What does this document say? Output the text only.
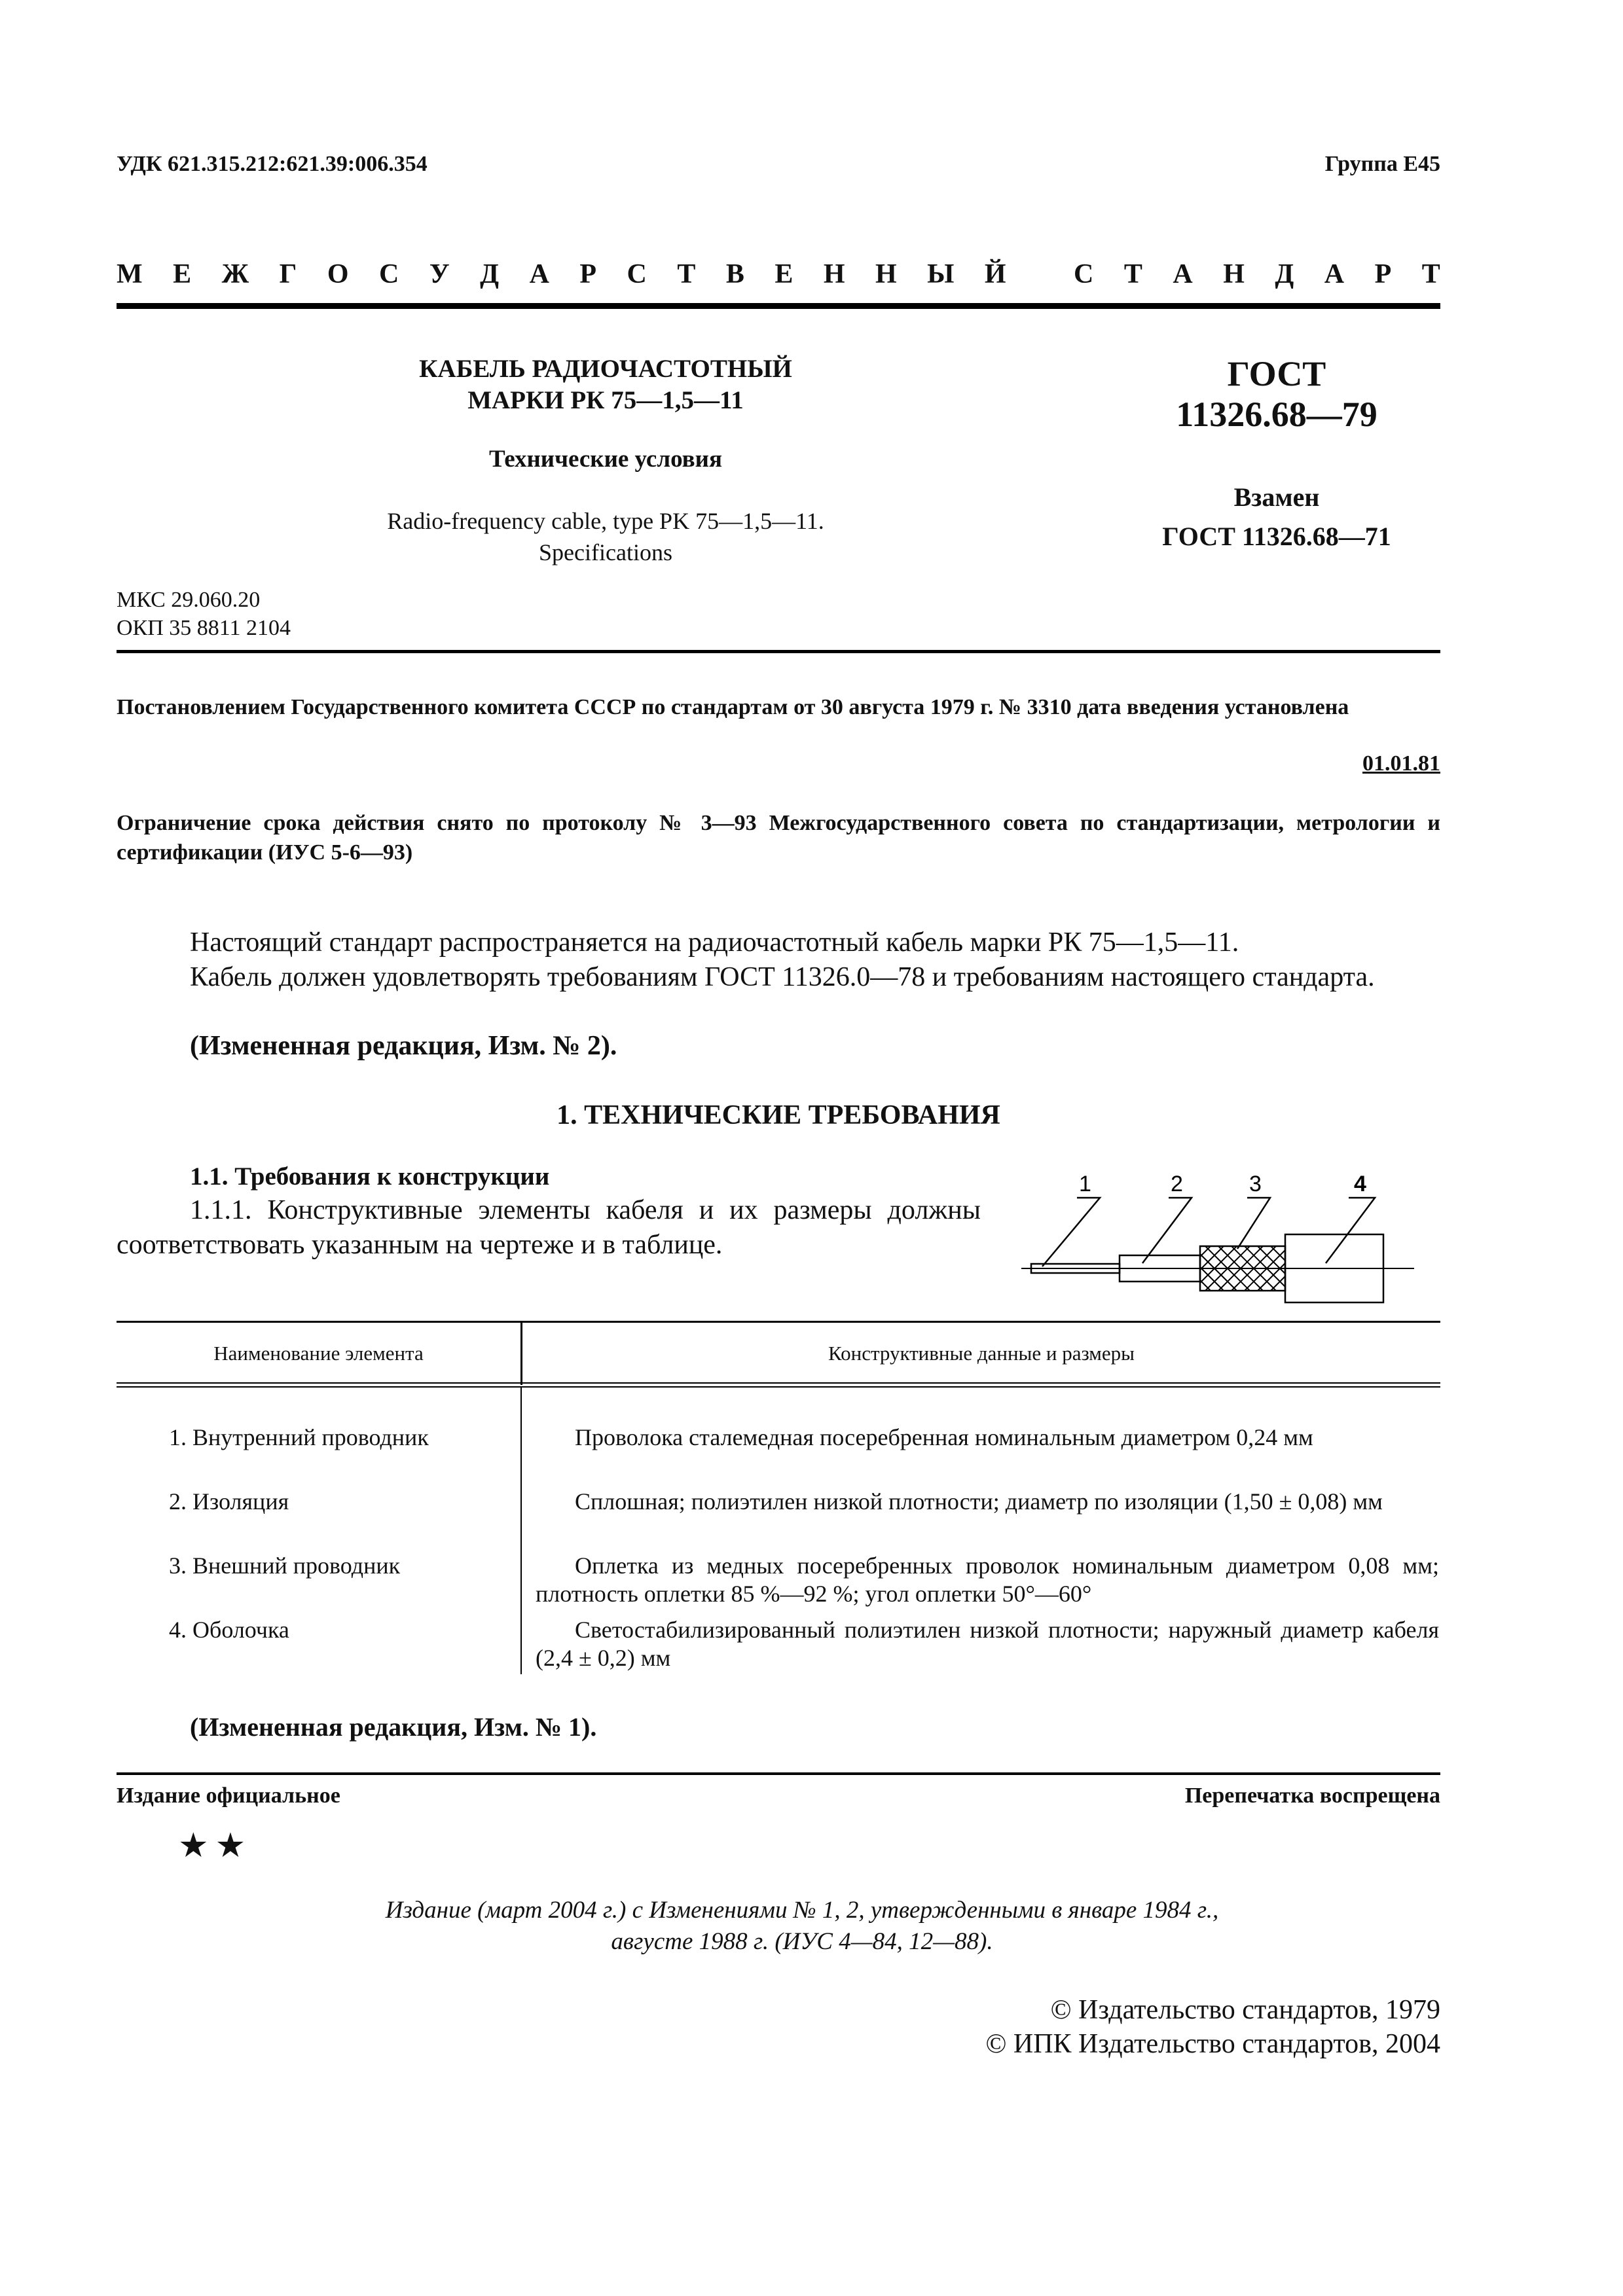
УДК 621.315.212:621.39:006.354	Группа Е45
М Е Ж Г О С У Д А Р С Т В Е Н Н Ы Й
С Т А Н Д А Р Т
КАБЕЛЬ РАДИОЧАСТОТНЫЙ
МАРКИ РК 75—1,5—11
Технические условия
Radio-frequency cable, type PK 75—1,5—11.
Specifications
ГОСТ
11326.68—79
Взамен
ГОСТ 11326.68—71
МКС 29.060.20
ОКП 35 8811 2104
Постановлением Государственного комитета СССР по стандартам от 30 августа 1979 г. № 3310 дата введения установлена
01.01.81
Ограничение срока действия снято по протоколу № 3—93 Межгосударственного совета по стандартизации, метрологии и сертификации (ИУС 5-6—93)
Настоящий стандарт распространяется на радиочастотный кабель марки РК 75—1,5—11.
Кабель должен удовлетворять требованиям ГОСТ 11326.0—78 и требованиям настоящего стандарта.
(Измененная редакция, Изм. № 2).
1. ТЕХНИЧЕСКИЕ ТРЕБОВАНИЯ
1.1. Требования к конструкции
1.1.1. Конструктивные элементы кабеля и их размеры должны соответствовать указанным на чертеже и в таблице.
1	2	3	4
Наименование элемента	Конструктивные данные и размеры
1. Внутренний проводник	Проволока сталемедная посеребренная номинальным диаметром 0,24 мм
2. Изоляция	Сплошная; полиэтилен низкой плотности; диаметр по изоляции (1,50 ± 0,08) мм
3. Внешний проводник	Оплетка из медных посеребренных проволок номинальным диаметром 0,08 мм; плотность оплетки 85 %—92 %; угол оплетки 50°—60°
4. Оболочка	Светостабилизированный полиэтилен низкой плотности; наружный диаметр кабеля (2,4 ± 0,2) мм
(Измененная редакция, Изм. № 1).
Издание официальное	Перепечатка воспрещена
★★
Издание (март 2004 г.) с Изменениями № 1, 2, утвержденными в январе 1984 г.,
августе 1988 г. (ИУС 4—84, 12—88).
© Издательство стандартов, 1979
© ИПК Издательство стандартов, 2004
